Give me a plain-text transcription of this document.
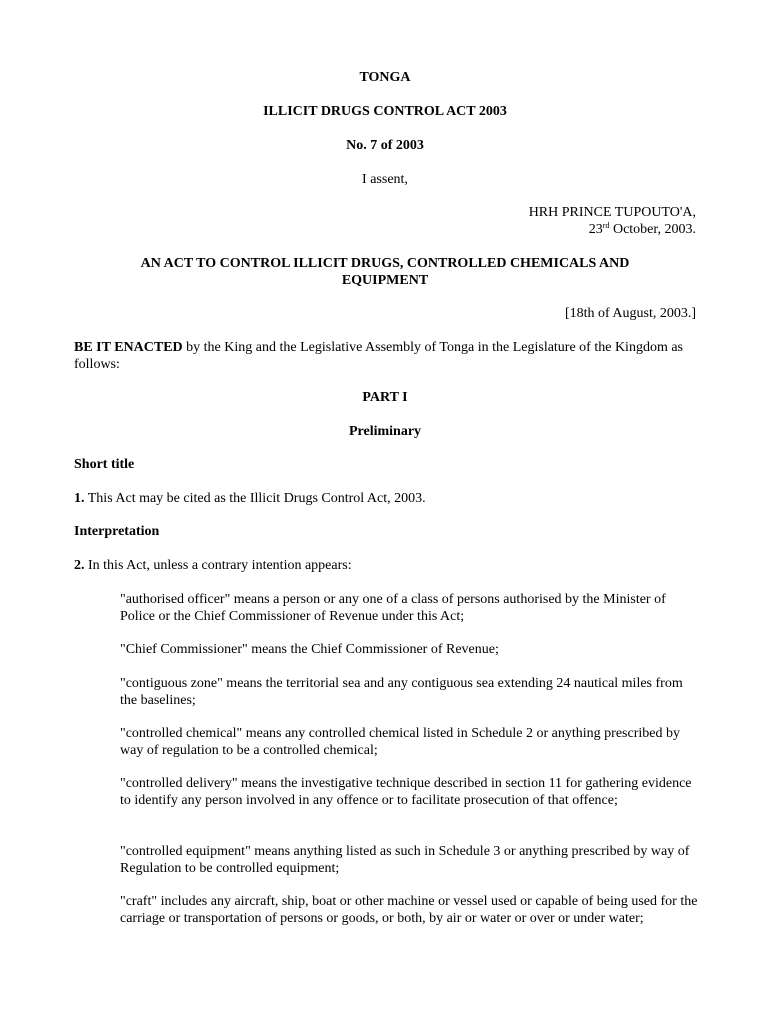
TONGA
ILLICIT DRUGS CONTROL ACT 2003
No. 7 of 2003
I assent,
HRH PRINCE TUPOUTO'A,
23rd October, 2003.
AN ACT TO CONTROL ILLICIT DRUGS, CONTROLLED CHEMICALS AND
EQUIPMENT
[18th of August, 2003.]
BE IT ENACTED by the King and the Legislative Assembly of Tonga in the Legislature of the Kingdom as follows:
PART I
Preliminary
Short title
1. This Act may be cited as the Illicit Drugs Control Act, 2003.
Interpretation
2. In this Act, unless a contrary intention appears:
"authorised officer" means a person or any one of a class of persons authorised by the Minister of Police or the Chief Commissioner of Revenue under this Act;
"Chief Commissioner" means the Chief Commissioner of Revenue;
"contiguous zone" means the territorial sea and any contiguous sea extending 24 nautical miles from the baselines;
"controlled chemical" means any controlled chemical listed in Schedule 2 or anything prescribed by way of regulation to be a controlled chemical;
"controlled delivery" means the investigative technique described in section 11 for gathering evidence to identify any person involved in any offence or to facilitate prosecution of that offence;
"controlled equipment" means anything listed as such in Schedule 3 or anything prescribed by way of Regulation to be controlled equipment;
"craft" includes any aircraft, ship, boat or other machine or vessel used or capable of being used for the carriage or transportation of persons or goods, or both, by air or water or over or under water;
